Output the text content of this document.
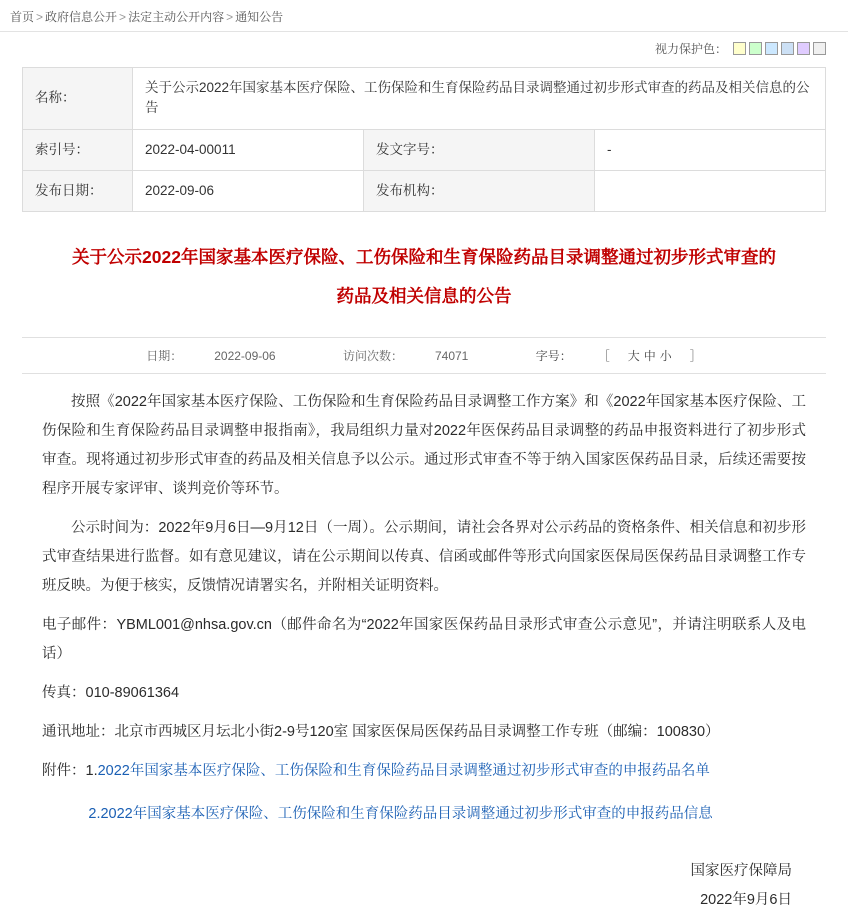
首页 > 政府信息公开 > 法定主动公开内容 > 通知公告
视力保护色：
名称：	关于公示2022年国家基本医疗保险、工伤保险和生育保险药品目录调整通过初步形式审查的药品及相关信息的公告		
索引号：	2022-04-00011	发文字号：	-
发布日期：	2022-09-06	发布机构：	
关于公示2022年国家基本医疗保险、工伤保险和生育保险药品目录调整通过初步形式审查的
药品及相关信息的公告
日期：	2022-09-06	访问次数：	74071	字号：	［ 大 中 小 ］

按照《2022年国家基本医疗保险、工伤保险和生育保险药品目录调整工作方案》和《2022年国家基本医疗保险、工伤保险和生育保险药品目录调整申报指南》，我局组织力量对2022年医保药品目录调整的药品申报资料进行了初步形式审查。现将通过初步形式审查的药品及相关信息予以公示。通过形式审查不等于纳入国家医保药品目录，后续还需要按程序开展专家评审、谈判竞价等环节。

公示时间为：2022年9月6日—9月12日（一周）。公示期间，请社会各界对公示药品的资格条件、相关信息和初步形式审查结果进行监督。如有意见建议，请在公示期间以传真、信函或邮件等形式向国家医保局医保药品目录调整工作专班反映。为便于核实，反馈情况请署实名，并附相关证明资料。

电子邮件：YBML001@nhsa.gov.cn（邮件命名为“2022年国家医保药品目录形式审查公示意见”，并请注明联系人及电话）

传真：010-89061364

通讯地址：北京市西城区月坛北小街2-9号120室 国家医保局医保药品目录调整工作专班（邮编：100830）

附件：1.2022年国家基本医疗保险、工伤保险和生育保险药品目录调整通过初步形式审查的申报药品名单

2.2022年国家基本医疗保险、工伤保险和生育保险药品目录调整通过初步形式审查的申报药品信息

国家医疗保障局
2022年9月6日
